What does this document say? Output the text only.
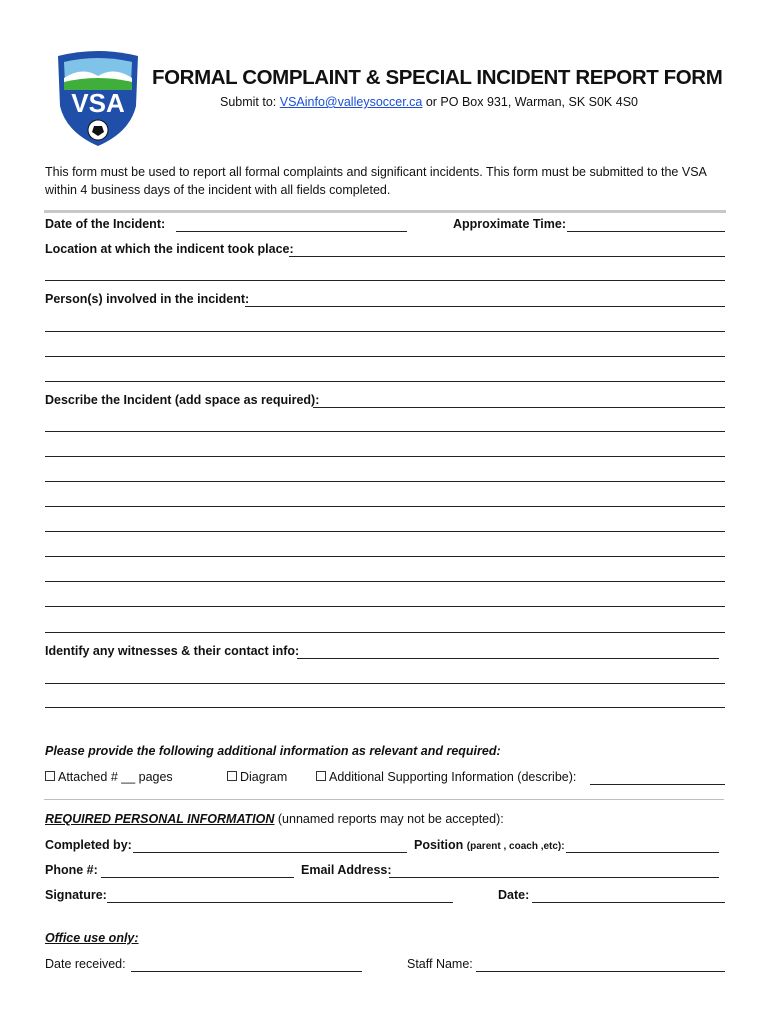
VSA
FORMAL COMPLAINT & SPECIAL INCIDENT REPORT FORM
Submit to: VSAinfo@valleysoccer.ca or PO Box 931, Warman, SK S0K 4S0
This form must be used to report all formal complaints and significant incidents. This form must be submitted to the VSA within 4 business days of the incident with all fields completed.
Date of the Incident:	Approximate Time:
Location at which the indicent took place:
Person(s) involved in the incident:
Describe the Incident (add space as required):
Identify any witnesses & their contact info:
Please provide the following additional information as relevant and required:
Attached # __ pages	Diagram	Additional Supporting Information (describe):
REQUIRED PERSONAL INFORMATION (unnamed reports may not be accepted):
Completed by:	Position (parent , coach ,etc):
Phone #:	Email Address:
Signature:	Date:
Office use only:
Date received:	Staff Name:
